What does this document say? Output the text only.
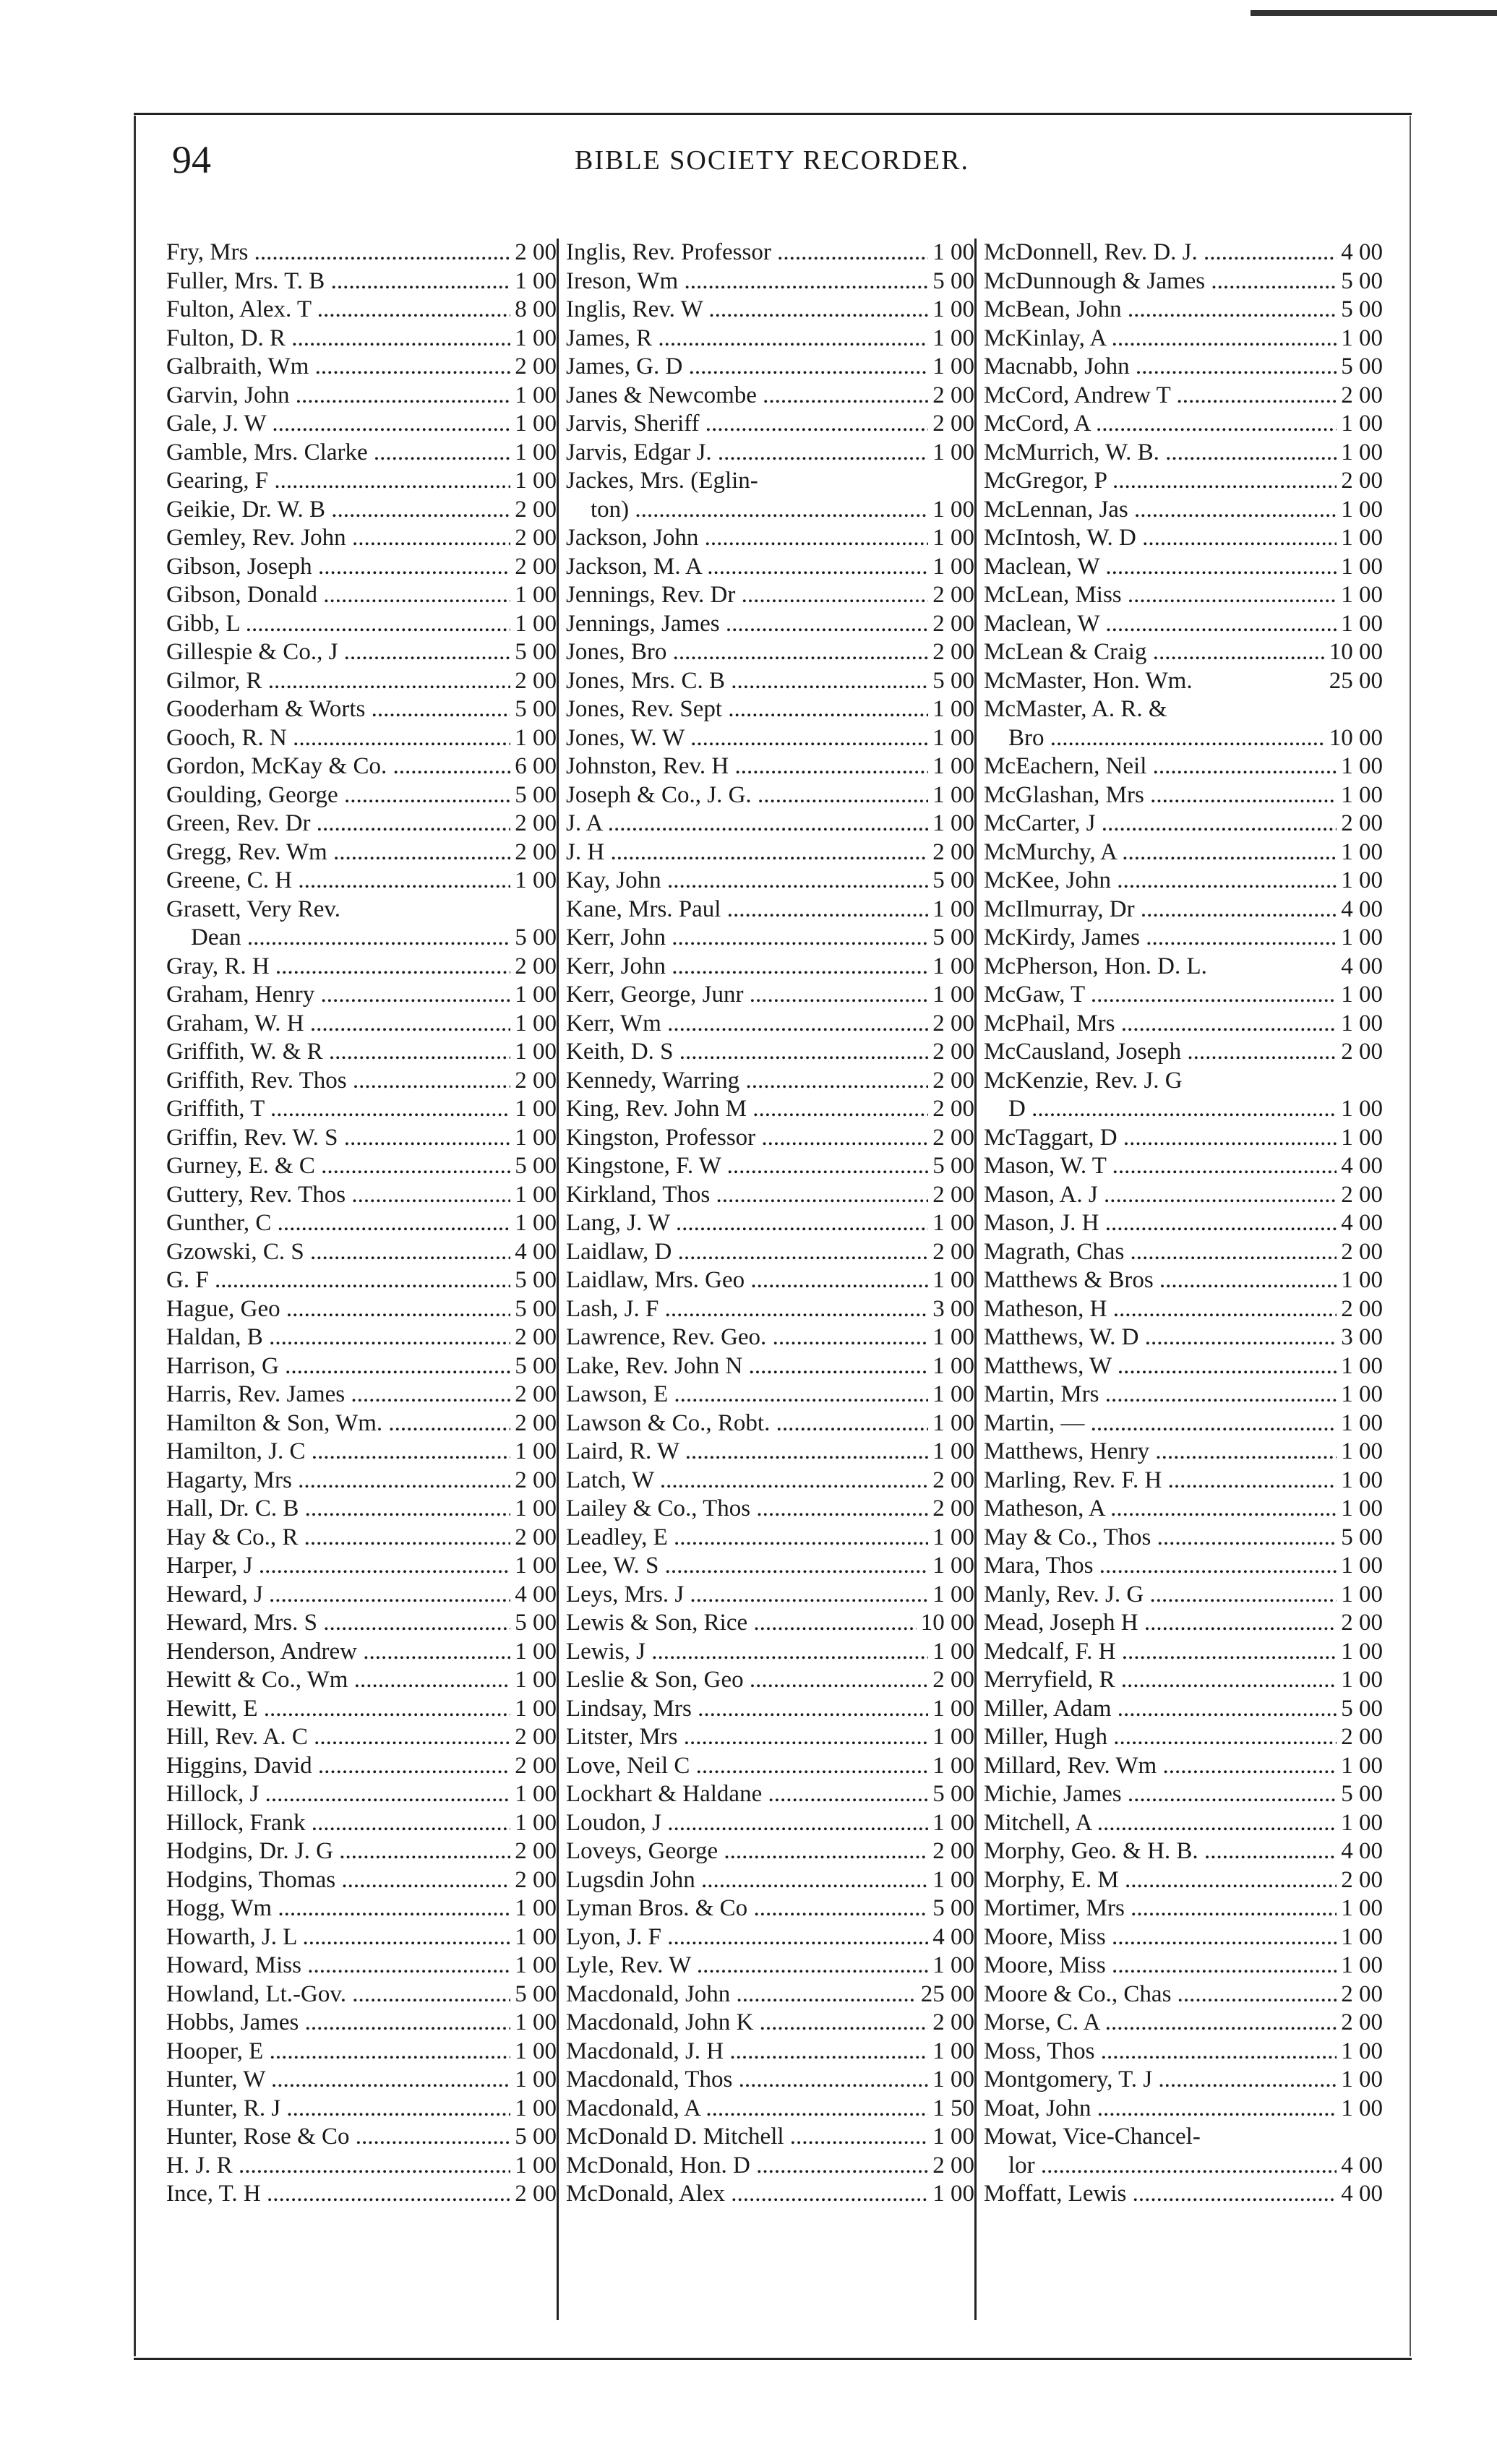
94	BIBLE SOCIETY RECORDER.
Fry, Mrs .....	2 00
Fuller, Mrs. T. B .....	1 00
Fulton, Alex. T .....	8 00
Fulton, D. R .....	1 00
Galbraith, Wm .....	2 00
Garvin, John .....	1 00
Gale, J. W .....	1 00
Gamble, Mrs. Clarke .....	1 00
Gearing, F .....	1 00
Geikie, Dr. W. B .....	2 00
Gemley, Rev. John .....	2 00
Gibson, Joseph .....	2 00
Gibson, Donald .....	1 00
Gibb, L .....	1 00
Gillespie & Co., J .....	5 00
Gilmor, R .....	2 00
Gooderham & Worts .....	5 00
Gooch, R. N .....	1 00
Gordon, McKay & Co. .....	6 00
Goulding, George .....	5 00
Green, Rev. Dr .....	2 00
Gregg, Rev. Wm .....	2 00
Greene, C. H .....	1 00
Grasett, Very Rev.
Dean .....	5 00
Gray, R. H .....	2 00
Graham, Henry .....	1 00
Graham, W. H .....	1 00
Griffith, W. & R .....	1 00
Griffith, Rev. Thos .....	2 00
Griffith, T .....	1 00
Griffin, Rev. W. S .....	1 00
Gurney, E. & C .....	5 00
Guttery, Rev. Thos .....	1 00
Gunther, C .....	1 00
Gzowski, C. S .....	4 00
G. F .....	5 00
Hague, Geo .....	5 00
Haldan, B .....	2 00
Harrison, G .....	5 00
Harris, Rev. James .....	2 00
Hamilton & Son, Wm. .....	2 00
Hamilton, J. C .....	1 00
Hagarty, Mrs .....	2 00
Hall, Dr. C. B .....	1 00
Hay & Co., R .....	2 00
Harper, J .....	1 00
Heward, J .....	4 00
Heward, Mrs. S .....	5 00
Henderson, Andrew .....	1 00
Hewitt & Co., Wm .....	1 00
Hewitt, E .....	1 00
Hill, Rev. A. C .....	2 00
Higgins, David .....	2 00
Hillock, J .....	1 00
Hillock, Frank .....	1 00
Hodgins, Dr. J. G .....	2 00
Hodgins, Thomas .....	2 00
Hogg, Wm .....	1 00
Howarth, J. L .....	1 00
Howard, Miss .....	1 00
Howland, Lt.-Gov. .....	5 00
Hobbs, James .....	1 00
Hooper, E .....	1 00
Hunter, W .....	1 00
Hunter, R. J .....	1 00
Hunter, Rose & Co .....	5 00
H. J. R .....	1 00
Ince, T. H .....	2 00
Inglis, Rev. Professor .....	1 00
Ireson, Wm .....	5 00
Inglis, Rev. W .....	1 00
James, R .....	1 00
James, G. D .....	1 00
Janes & Newcombe .....	2 00
Jarvis, Sheriff .....	2 00
Jarvis, Edgar J. .....	1 00
Jackes, Mrs. (Eglin-
ton) .....	1 00
Jackson, John .....	1 00
Jackson, M. A .....	1 00
Jennings, Rev. Dr .....	2 00
Jennings, James .....	2 00
Jones, Bro .....	2 00
Jones, Mrs. C. B .....	5 00
Jones, Rev. Sept .....	1 00
Jones, W. W .....	1 00
Johnston, Rev. H .....	1 00
Joseph & Co., J. G. .....	1 00
J. A .....	1 00
J. H .....	2 00
Kay, John .....	5 00
Kane, Mrs. Paul .....	1 00
Kerr, John .....	5 00
Kerr, John .....	1 00
Kerr, George, Junr .....	1 00
Kerr, Wm .....	2 00
Keith, D. S .....	2 00
Kennedy, Warring .....	2 00
King, Rev. John M .....	2 00
Kingston, Professor .....	2 00
Kingstone, F. W .....	5 00
Kirkland, Thos .....	2 00
Lang, J. W .....	1 00
Laidlaw, D .....	2 00
Laidlaw, Mrs. Geo .....	1 00
Lash, J. F .....	3 00
Lawrence, Rev. Geo. .....	1 00
Lake, Rev. John N .....	1 00
Lawson, E .....	1 00
Lawson & Co., Robt. .....	1 00
Laird, R. W .....	1 00
Latch, W .....	2 00
Lailey & Co., Thos .....	2 00
Leadley, E .....	1 00
Lee, W. S .....	1 00
Leys, Mrs. J .....	1 00
Lewis & Son, Rice .....	10 00
Lewis, J .....	1 00
Leslie & Son, Geo .....	2 00
Lindsay, Mrs .....	1 00
Litster, Mrs .....	1 00
Love, Neil C .....	1 00
Lockhart & Haldane .....	5 00
Loudon, J .....	1 00
Loveys, George .....	2 00
Lugsdin John .....	1 00
Lyman Bros. & Co .....	5 00
Lyon, J. F .....	4 00
Lyle, Rev. W .....	1 00
Macdonald, John .....	25 00
Macdonald, John K .....	2 00
Macdonald, J. H .....	1 00
Macdonald, Thos .....	1 00
Macdonald, A .....	1 50
McDonald D. Mitchell .....	1 00
McDonald, Hon. D .....	2 00
McDonald, Alex .....	1 00
McDonnell, Rev. D. J. .....	4 00
McDunnough & James .....	5 00
McBean, John .....	5 00
McKinlay, A .....	1 00
Macnabb, John .....	5 00
McCord, Andrew T .....	2 00
McCord, A .....	1 00
McMurrich, W. B. .....	1 00
McGregor, P .....	2 00
McLennan, Jas .....	1 00
McIntosh, W. D .....	1 00
Maclean, W .....	1 00
McLean, Miss .....	1 00
Maclean, W .....	1 00
McLean & Craig .....	10 00
McMaster, Hon. Wm.	25 00
McMaster, A. R. &
Bro .....	10 00
McEachern, Neil .....	1 00
McGlashan, Mrs .....	1 00
McCarter, J .....	2 00
McMurchy, A .....	1 00
McKee, John .....	1 00
McIlmurray, Dr .....	4 00
McKirdy, James .....	1 00
McPherson, Hon. D. L.	4 00
McGaw, T .....	1 00
McPhail, Mrs .....	1 00
McCausland, Joseph .....	2 00
McKenzie, Rev. J. G
D .....	1 00
McTaggart, D .....	1 00
Mason, W. T .....	4 00
Mason, A. J .....	2 00
Mason, J. H .....	4 00
Magrath, Chas .....	2 00
Matthews & Bros .....	1 00
Matheson, H .....	2 00
Matthews, W. D .....	3 00
Matthews, W .....	1 00
Martin, Mrs .....	1 00
Martin, — .....	1 00
Matthews, Henry .....	1 00
Marling, Rev. F. H .....	1 00
Matheson, A .....	1 00
May & Co., Thos .....	5 00
Mara, Thos .....	1 00
Manly, Rev. J. G .....	1 00
Mead, Joseph H .....	2 00
Medcalf, F. H .....	1 00
Merryfield, R .....	1 00
Miller, Adam .....	5 00
Miller, Hugh .....	2 00
Millard, Rev. Wm .....	1 00
Michie, James .....	5 00
Mitchell, A .....	1 00
Morphy, Geo. & H. B. .....	4 00
Morphy, E. M .....	2 00
Mortimer, Mrs .....	1 00
Moore, Miss .....	1 00
Moore, Miss .....	1 00
Moore & Co., Chas .....	2 00
Morse, C. A .....	2 00
Moss, Thos .....	1 00
Montgomery, T. J .....	1 00
Moat, John .....	1 00
Mowat, Vice-Chancel-
lor .....	4 00
Moffatt, Lewis .....	4 00
